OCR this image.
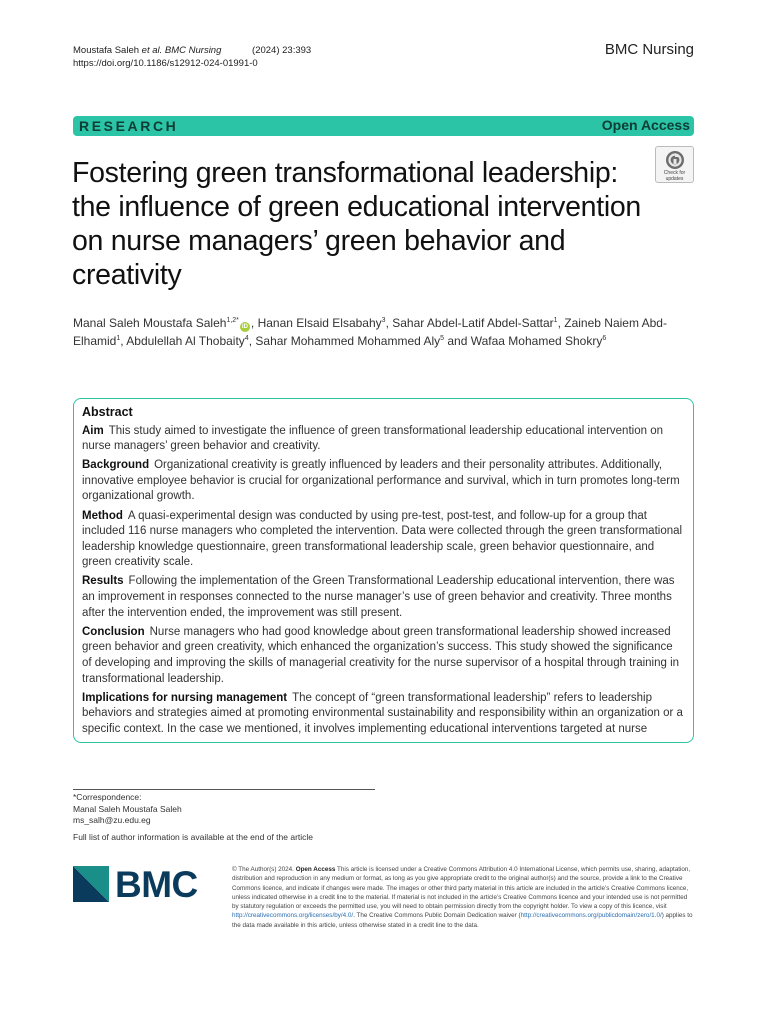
Moustafa Saleh et al. BMC Nursing	(2024) 23:393
https://doi.org/10.1186/s12912-024-01991-0
BMC Nursing
RESEARCH	Open Access
Check for
updates
Fostering green transformational leadership: the influence of green educational intervention on nurse managers’ green behavior and creativity
Manal Saleh Moustafa Saleh$^{1,2*}$iD , Hanan Elsaid Elsabahy$^3$, Sahar Abdel-Latif Abdel-Sattar$^1$, Zaineb Naiem Abd-Elhamid$^1$, Abdulellah Al Thobaity$^4$, Sahar Mohammed Mohammed Aly$^5$ and Wafaa Mohamed Shokry$^6$
Abstract

Aim This study aimed to investigate the influence of green transformational leadership educational intervention on nurse managers’ green behavior and creativity.

Background Organizational creativity is greatly influenced by leaders and their personality attributes. Additionally, innovative employee behavior is crucial for organizational performance and survival, which in turn promotes long-term organizational growth.

Method A quasi-experimental design was conducted by using pre-test, post-test, and follow-up for a group that included 116 nurse managers who completed the intervention. Data were collected through the green transformational leadership knowledge questionnaire, green transformational leadership scale, green behavior questionnaire, and green creativity scale.

Results Following the implementation of the Green Transformational Leadership educational intervention, there was an improvement in responses connected to the nurse manager’s use of green behavior and creativity. Three months after the intervention ended, the improvement was still present.

Conclusion Nurse managers who had good knowledge about green transformational leadership showed increased green behavior and green creativity, which enhanced the organization’s success. This study showed the significance of developing and improving the skills of managerial creativity for the nurse supervisor of a hospital through training in transformational leadership.

Implications for nursing management The concept of “green transformational leadership” refers to leadership behaviors and strategies aimed at promoting environmental sustainability and responsibility within an organization or a specific context. In the case we mentioned, it involves implementing educational interventions targeted at nurse

*Correspondence:
Manal Saleh Moustafa Saleh
ms_salh@zu.edu.eg
Full list of author information is available at the end of the article
BMC	© The Author(s) 2024. Open Access This article is licensed under a Creative Commons Attribution 4.0 International License, which permits use, sharing, adaptation, distribution and reproduction in any medium or format, as long as you give appropriate credit to the original author(s) and the source, provide a link to the Creative Commons licence, and indicate if changes were made. The images or other third party material in this article are included in the article’s Creative Commons licence, unless indicated otherwise in a credit line to the material. If material is not included in the article’s Creative Commons licence and your intended use is not permitted by statutory regulation or exceeds the permitted use, you will need to obtain permission directly from the copyright holder. To view a copy of this licence, visit http://creativecommons.org/licenses/by/4.0/. The Creative Commons Public Domain Dedication waiver (http://creativecommons.org/publicdomain/zero/1.0/) applies to the data made available in this article, unless otherwise stated in a credit line to the data.
